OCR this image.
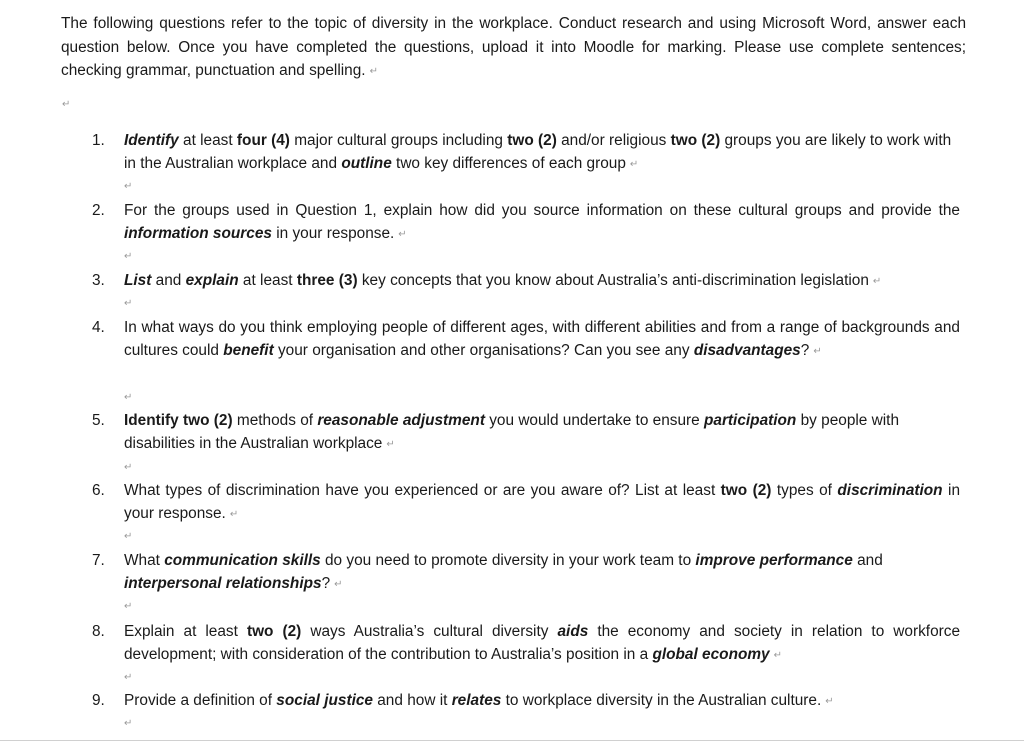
The following questions refer to the topic of diversity in the workplace. Conduct research and using Microsoft Word, answer each question below. Once you have completed the questions, upload it into Moodle for marking. Please use complete sentences; checking grammar, punctuation and spelling. ↵
↵
1. Identify at least four (4) major cultural groups including two (2) and/or religious two (2) groups you are likely to work with in the Australian workplace and outline two key differences of each group ↵
↵
2. For the groups used in Question 1, explain how did you source information on these cultural groups and provide the information sources in your response. ↵
↵
3. List and explain at least three (3) key concepts that you know about Australia’s anti-discrimination legislation ↵
↵
4. In what ways do you think employing people of different ages, with different abilities and from a range of backgrounds and cultures could benefit your organisation and other organisations? Can you see any disadvantages? ↵
↵
5. Identify two (2) methods of reasonable adjustment you would undertake to ensure participation by people with disabilities in the Australian workplace ↵
↵
6. What types of discrimination have you experienced or are you aware of? List at least two (2) types of discrimination in your response. ↵
↵
7. What communication skills do you need to promote diversity in your work team to improve performance and interpersonal relationships? ↵
↵
8. Explain at least two (2) ways Australia’s cultural diversity aids the economy and society in relation to workforce development; with consideration of the contribution to Australia’s position in a global economy ↵
↵
9. Provide a definition of social justice and how it relates to workplace diversity in the Australian culture. ↵
↵
